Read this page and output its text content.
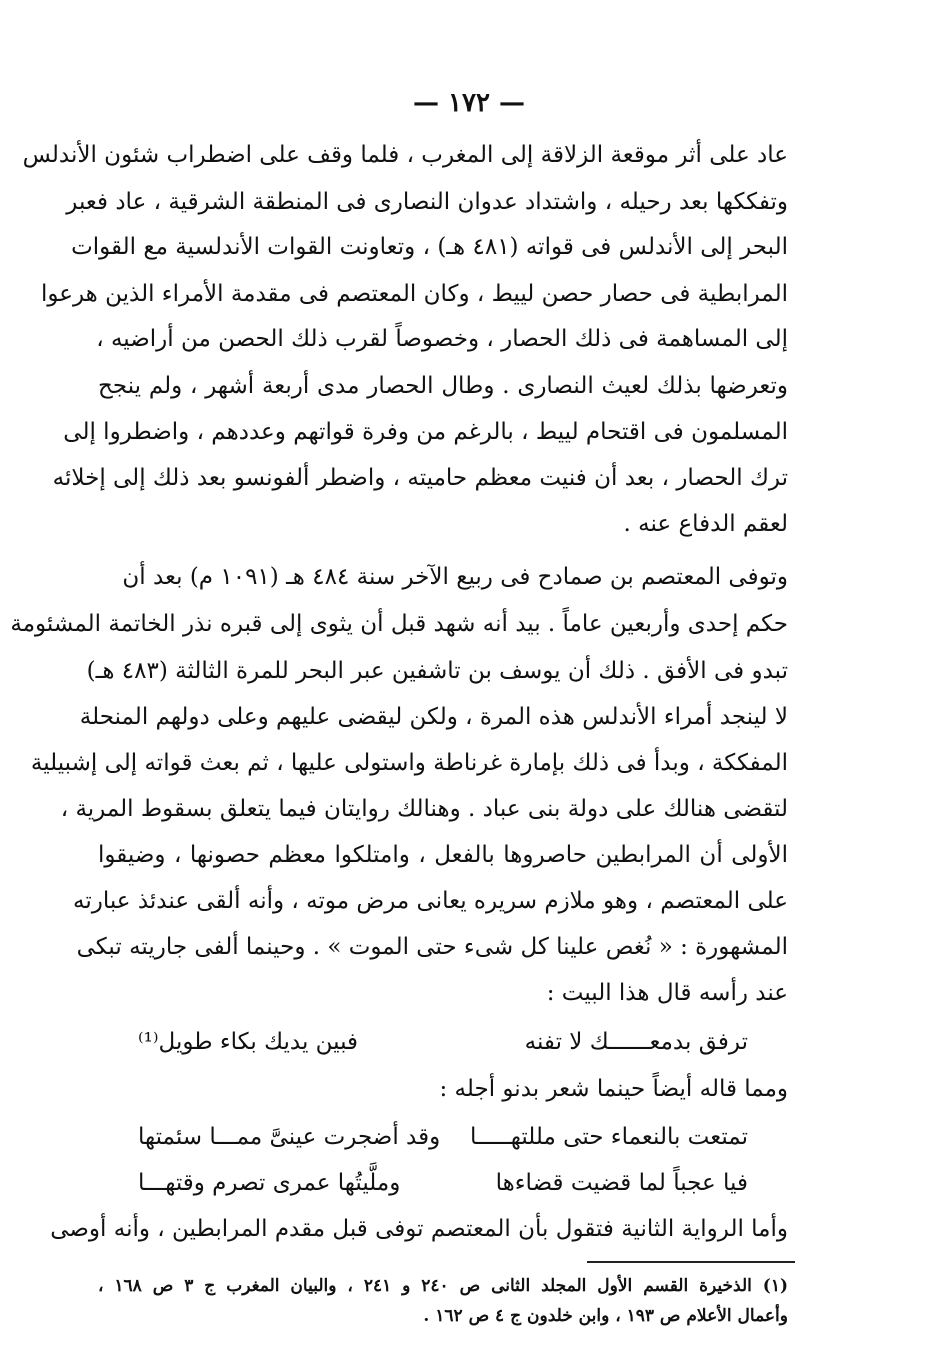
— ١٧٢ —
عاد على أثر موقعة الزلاقة إلى المغرب ، فلما وقف على اضطراب شئون الأندلس
وتفككها بعد رحيله ، واشتداد عدوان النصارى فى المنطقة الشرقية ، عاد فعبر
البحر إلى الأندلس فى قواته (٤٨١ هـ) ، وتعاونت القوات الأندلسية مع القوات
المرابطية فى حصار حصن لييط ، وكان المعتصم فى مقدمة الأمراء الذين هرعوا
إلى المساهمة فى ذلك الحصار ، وخصوصاً لقرب ذلك الحصن من أراضيه ،
وتعرضها بذلك لعيث النصارى . وطال الحصار مدى أربعة أشهر ، ولم ينجح
المسلمون فى اقتحام لييط ، بالرغم من وفرة قواتهم وعددهم ، واضطروا إلى
ترك الحصار ، بعد أن فنيت معظم حاميته ، واضطر ألفونسو بعد ذلك إلى إخلائه
لعقم الدفاع عنه .
وتوفى المعتصم بن صمادح فى ربيع الآخر سنة ٤٨٤ هـ (١٠٩١ م) بعد أن
حكم إحدى وأربعين عاماً . بيد أنه شهد قبل أن يثوى إلى قبره نذر الخاتمة المشئومة
تبدو فى الأفق . ذلك أن يوسف بن تاشفين عبر البحر للمرة الثالثة (٤٨٣ هـ)
لا لينجد أمراء الأندلس هذه المرة ، ولكن ليقضى عليهم وعلى دولهم المنحلة
المفككة ، وبدأ فى ذلك بإمارة غرناطة واستولى عليها ، ثم بعث قواته إلى إشبيلية
لتقضى هنالك على دولة بنى عباد . وهنالك روايتان فيما يتعلق بسقوط المرية ،
الأولى أن المرابطين حاصروها بالفعل ، وامتلكوا معظم حصونها ، وضيقوا
على المعتصم ، وهو ملازم سريره يعانى مرض موته ، وأنه ألقى عندئذ عبارته
المشهورة : « نُغص علينا كل شىء حتى الموت » . وحينما ألفى جاريته تبكى
عند رأسه قال هذا البيت :
ترفق بدمعــــــك لا تفنه
فبين يديك بكاء طويل⁽¹⁾
ومما قاله أيضاً حينما شعر بدنو أجله :
تمتعت بالنعماء حتى مللتهـــــا
وقد أضجرت عينىَّ ممـــا سئمتها
فيا عجباً لما قضيت قضاءها
وملَّيتُها عمرى تصرم وقتهـــا
وأما الرواية الثانية فتقول بأن المعتصم توفى قبل مقدم المرابطين ، وأنه أوصى
(١) الذخيرة القسم الأول المجلد الثانى ص ٢٤٠ و ٢٤١ ، والبيان المغرب ج ٣ ص ١٦٨ ،
وأعمال الأعلام ص ١٩٣ ، وابن خلدون ج ٤ ص ١٦٢ .
